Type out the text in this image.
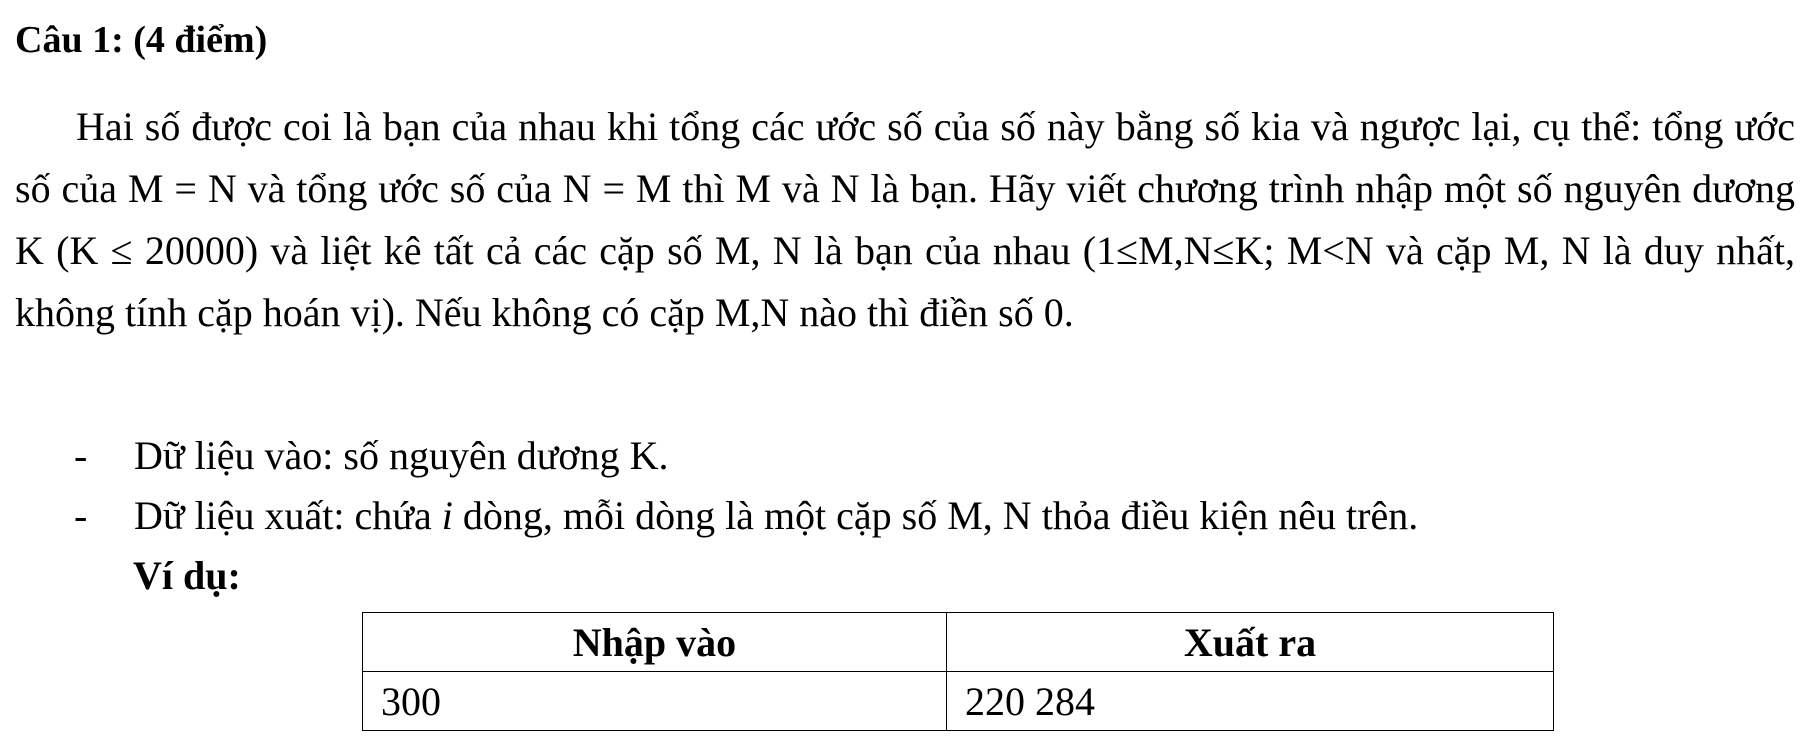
Câu 1: (4 điểm)

Hai số được coi là bạn của nhau khi tổng các ước số của số này bằng số kia và ngược lại, cụ thể: tổng ước số của M = N và tổng ước số của N = M thì M và N là bạn. Hãy viết chương trình nhập một số nguyên dương K (K ≤ 20000) và liệt kê tất cả các cặp số M, N là bạn của nhau (1≤M,N≤K; M<N và cặp M, N là duy nhất, không tính cặp hoán vị). Nếu không có cặp M,N nào thì điền số 0.

- Dữ liệu vào: số nguyên dương K.
- Dữ liệu xuất: chứa i dòng, mỗi dòng là một cặp số M, N thỏa điều kiện nêu trên.
Ví dụ:
Nhập vào	Xuất ra
300	220 284
